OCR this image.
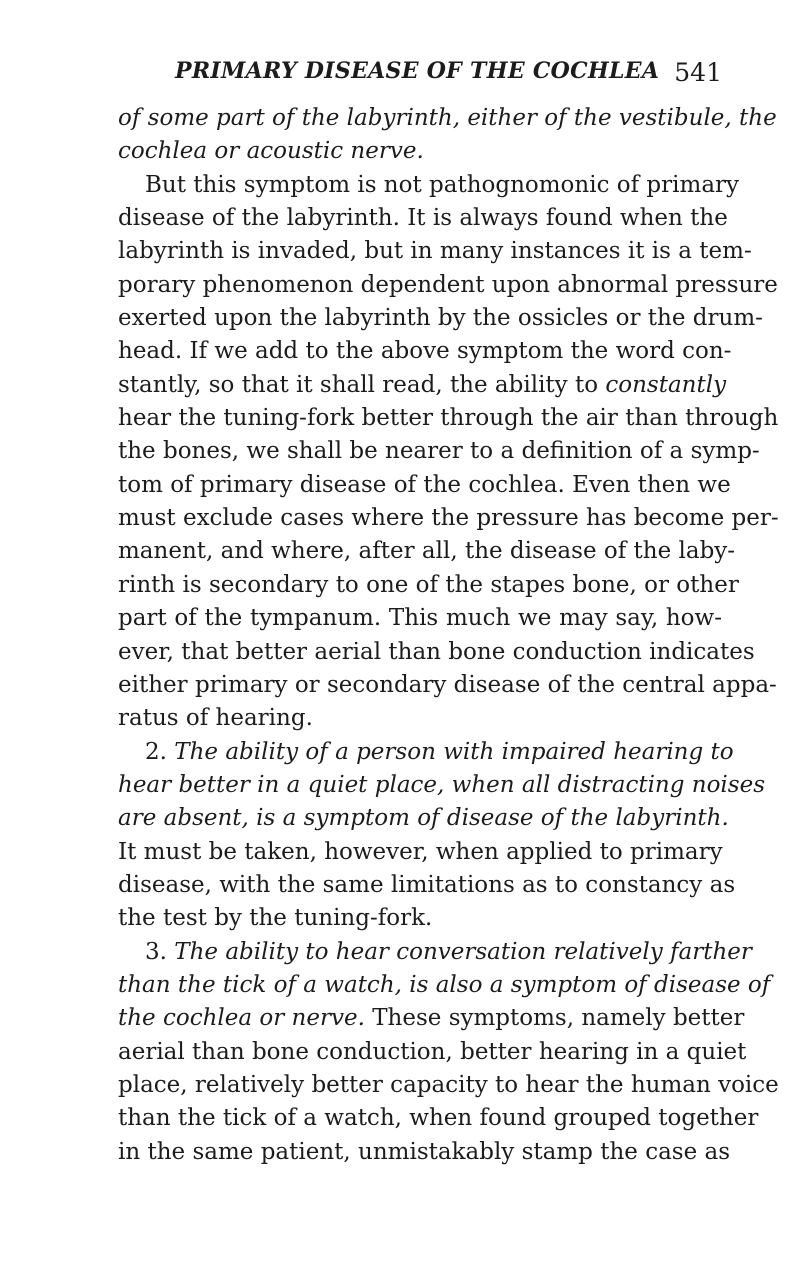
PRIMARY DISEASE OF THE COCHLEA 541
of some part of the labyrinth, either of the vestibule, the
cochlea or acoustic nerve.
But this symptom is not pathognomonic of primary
disease of the labyrinth. It is always found when the
labyrinth is invaded, but in many instances it is a tem-
porary phenomenon dependent upon abnormal pressure
exerted upon the labyrinth by the ossicles or the drum-
head. If we add to the above symptom the word con-
stantly, so that it shall read, the ability to constantly
hear the tuning-fork better through the air than through
the bones, we shall be nearer to a definition of a symp-
tom of primary disease of the cochlea. Even then we
must exclude cases where the pressure has become per-
manent, and where, after all, the disease of the laby-
rinth is secondary to one of the stapes bone, or other
part of the tympanum. This much we may say, how-
ever, that better aerial than bone conduction indicates
either primary or secondary disease of the central appa-
ratus of hearing.
2. The ability of a person with impaired hearing to
hear better in a quiet place, when all distracting noises
are absent, is a symptom of disease of the labyrinth.
It must be taken, however, when applied to primary
disease, with the same limitations as to constancy as
the test by the tuning-fork.
3. The ability to hear conversation relatively farther
than the tick of a watch, is also a symptom of disease of
the cochlea or nerve. These symptoms, namely better
aerial than bone conduction, better hearing in a quiet
place, relatively better capacity to hear the human voice
than the tick of a watch, when found grouped together
in the same patient, unmistakably stamp the case as
